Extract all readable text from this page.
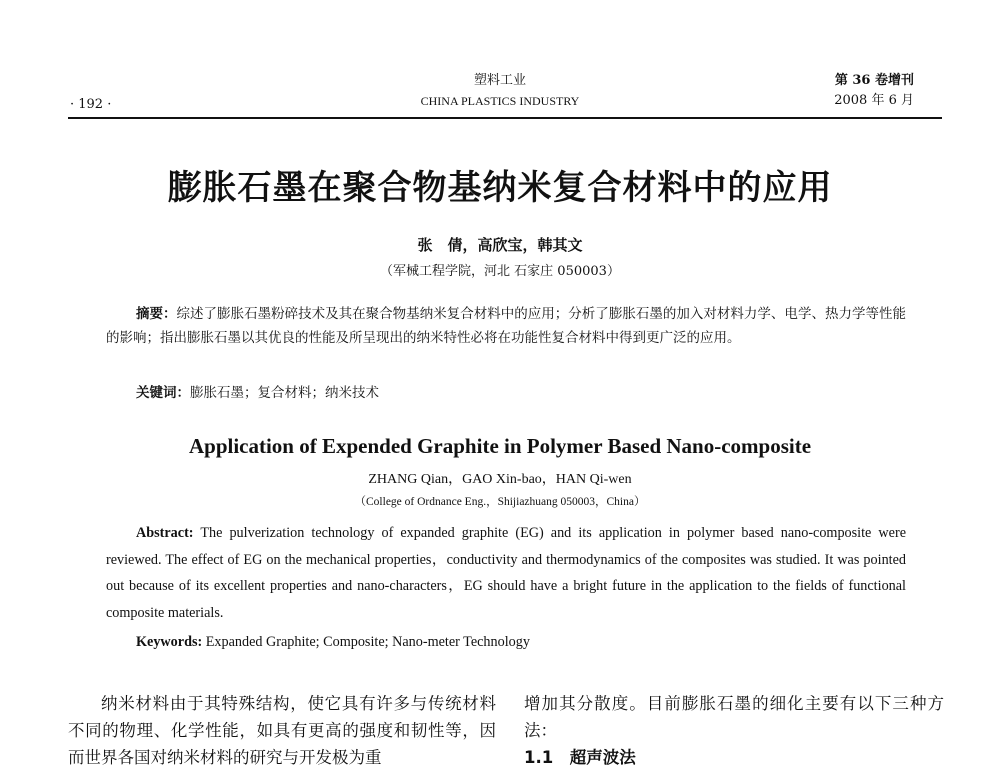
· 192 ·
塑料工业
CHINA PLASTICS INDUSTRY
第 36 卷增刊
2008 年 6 月
膨胀石墨在聚合物基纳米复合材料中的应用
张　倩，高欣宝，韩其文
（军械工程学院，河北 石家庄 050003）
摘要：综述了膨胀石墨粉碎技术及其在聚合物基纳米复合材料中的应用；分析了膨胀石墨的加入对材料力学、电学、热力学等性能的影响；指出膨胀石墨以其优良的性能及所呈现出的纳米特性必将在功能性复合材料中得到更广泛的应用。
关键词：膨胀石墨；复合材料；纳米技术
Application of Expended Graphite in Polymer Based Nano-composite
ZHANG Qian，GAO Xin-bao，HAN Qi-wen
（College of Ordnance Eng.，Shijiazhuang 050003，China）
Abstract: The pulverization technology of expanded graphite (EG) and its application in polymer based nano-composite were reviewed. The effect of EG on the mechanical properties，conductivity and thermodynamics of the composites was studied. It was pointed out because of its excellent properties and nano-characters，EG should have a bright future in the application to the fields of functional composite materials.
Keywords: Expanded Graphite; Composite; Nano-meter Technology
纳米材料由于其特殊结构，使它具有许多与传统材料不同的物理、化学性能，如具有更高的强度和韧性等，因而世界各国对纳米材料的研究与开发极为重
增加其分散度。目前膨胀石墨的细化主要有以下三种方法：
1.1　超声波法
